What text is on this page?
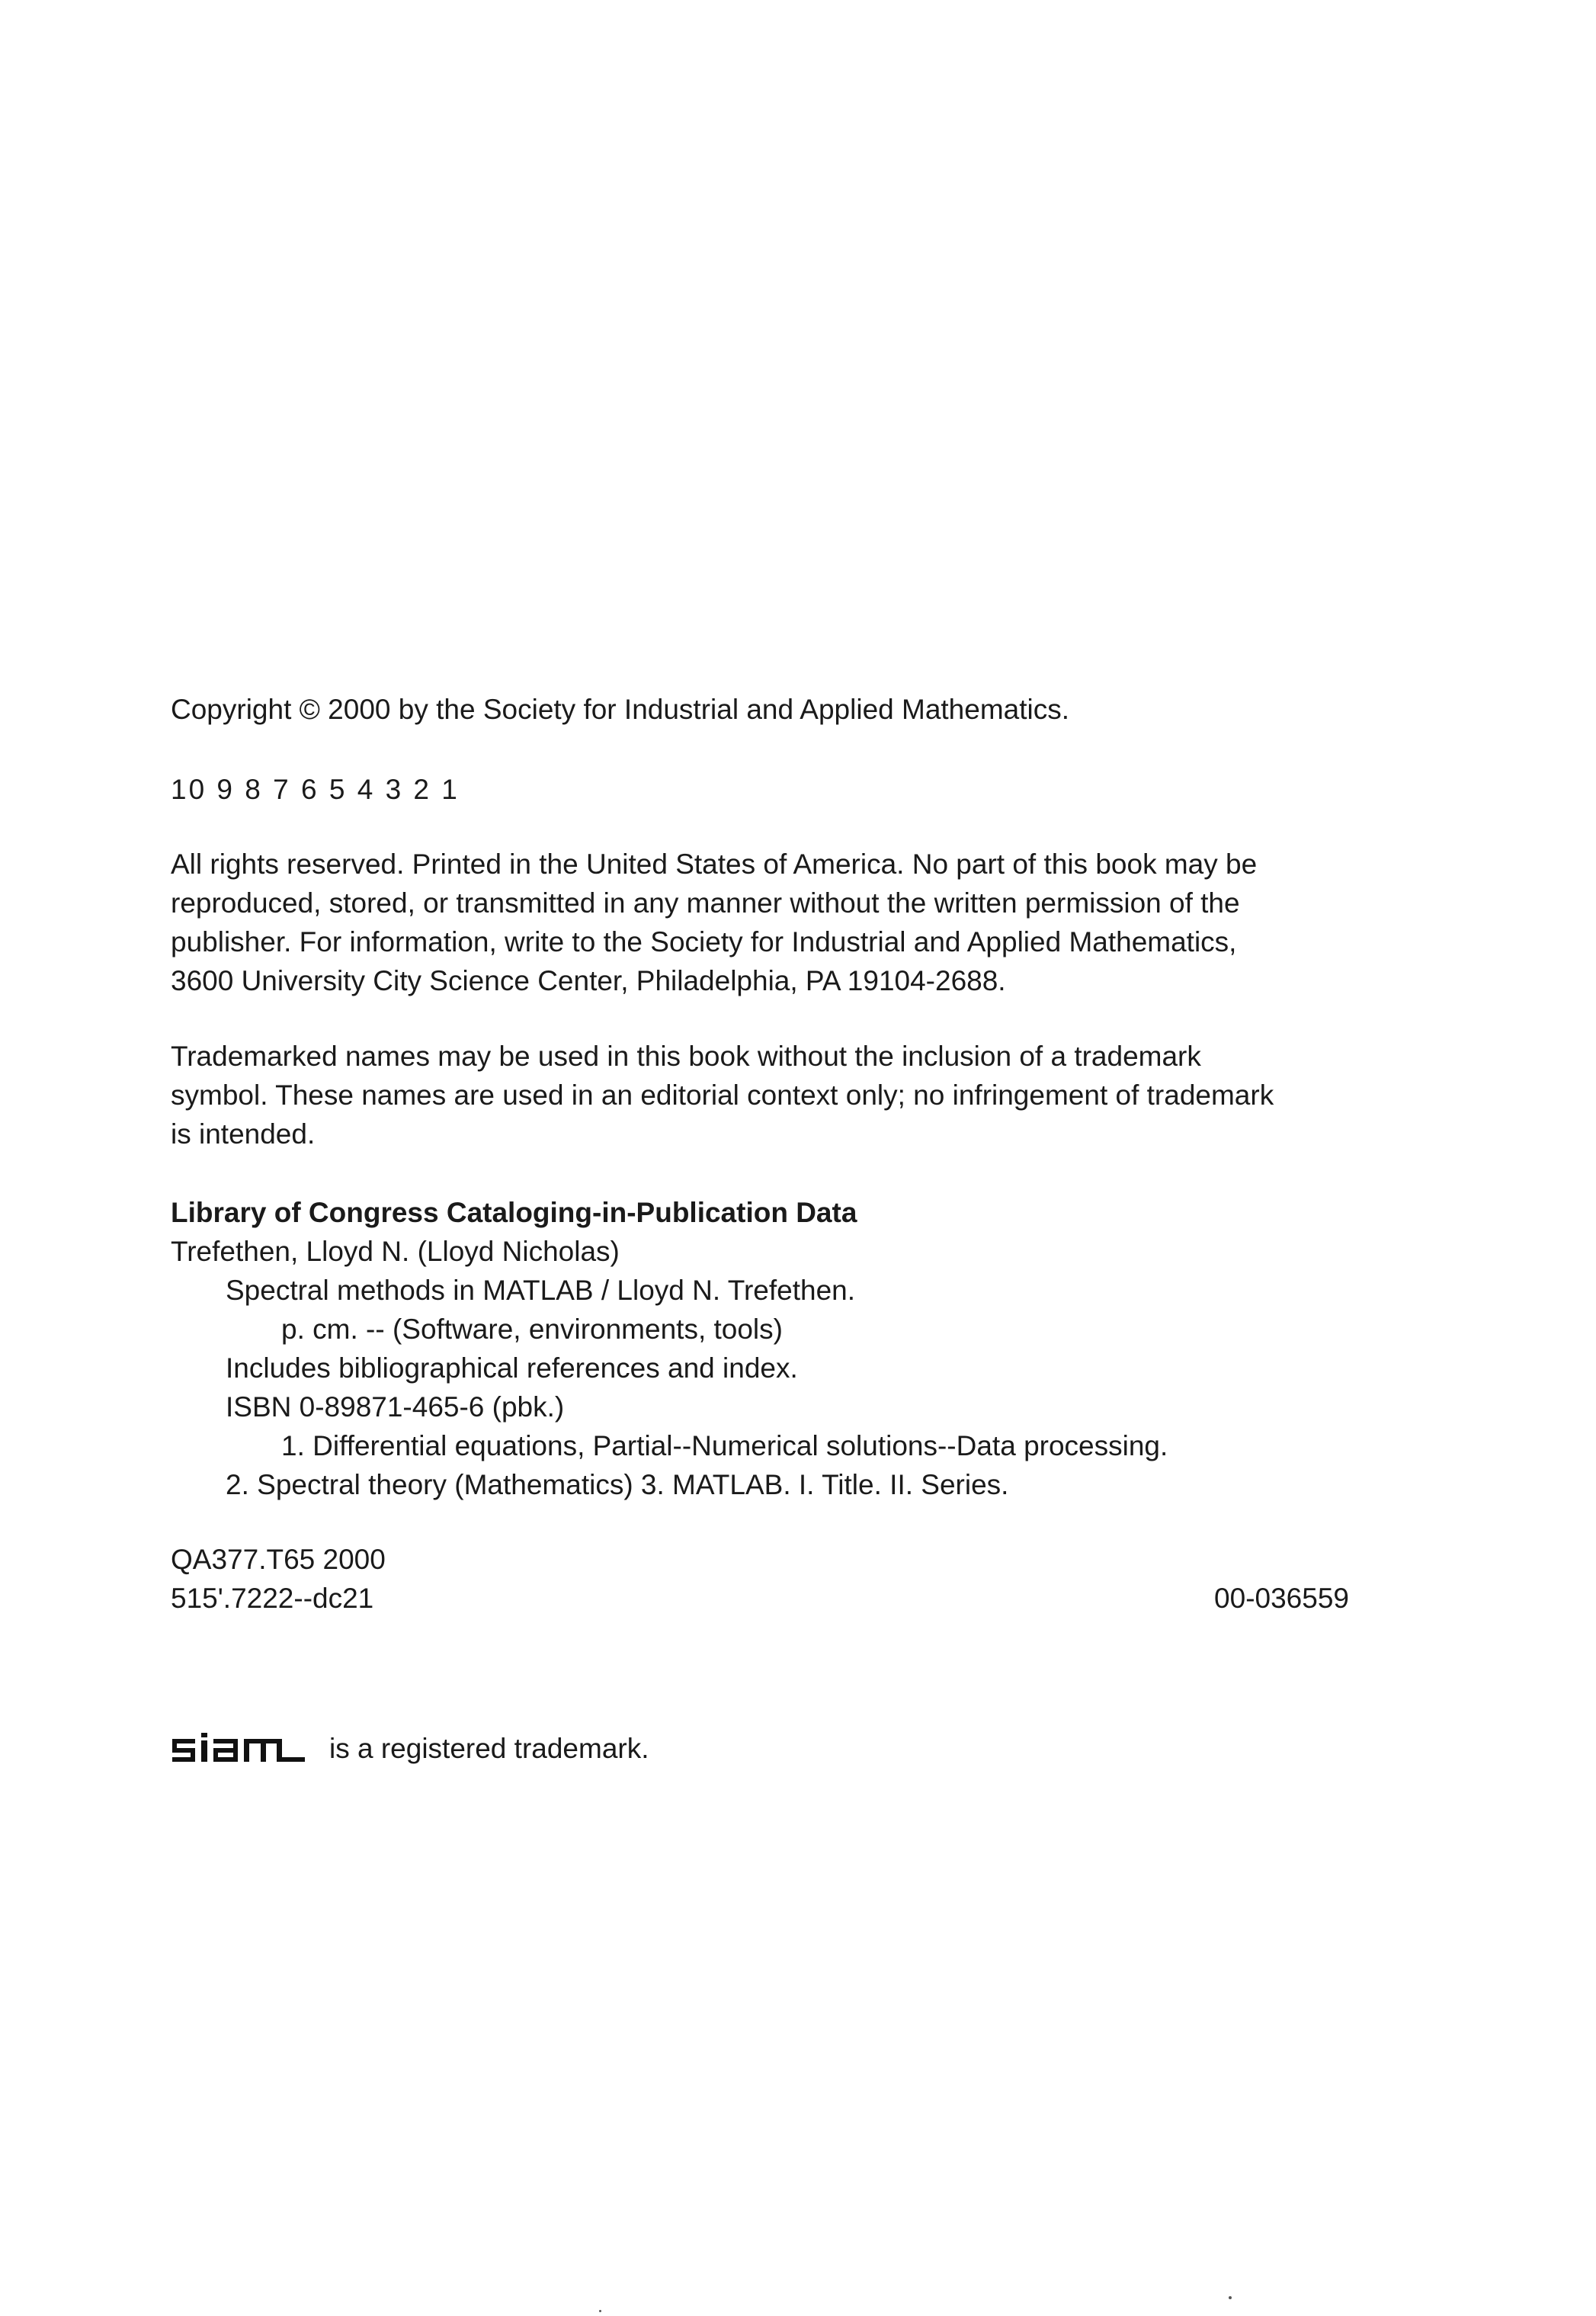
Copyright © 2000 by the Society for Industrial and Applied Mathematics.

10 9 8 7 6 5 4 3 2 1

All rights reserved. Printed in the United States of America. No part of this book may be

reproduced, stored, or transmitted in any manner without the written permission of the

publisher. For information, write to the Society for Industrial and Applied Mathematics,

3600 University City Science Center, Philadelphia, PA 19104-2688.

Trademarked names may be used in this book without the inclusion of a trademark

symbol. These names are used in an editorial context only; no infringement of trademark

is intended.

Library of Congress Cataloging-in-Publication Data

Trefethen, Lloyd N. (Lloyd Nicholas)

Spectral methods in MATLAB / Lloyd N. Trefethen.

p. cm. -- (Software, environments, tools)

Includes bibliographical references and index.

ISBN 0-89871-465-6 (pbk.)

1. Differential equations, Partial--Numerical solutions--Data processing.

2. Spectral theory (Mathematics) 3. MATLAB. I. Title. II. Series.

QA377.T65 2000

515'.7222--dc21	00-036559
is a registered trademark.
